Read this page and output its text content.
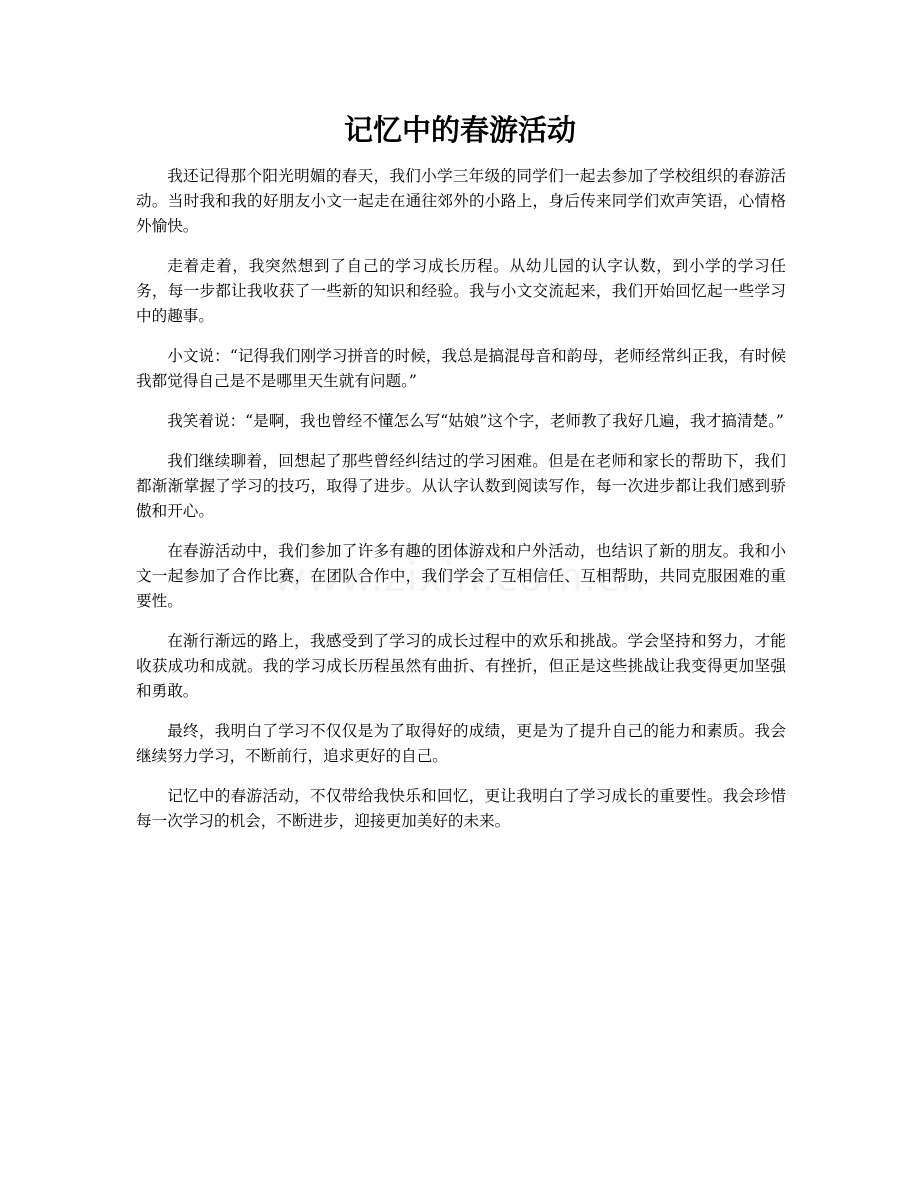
记忆中的春游活动

我还记得那个阳光明媚的春天，我们小学三年级的同学们一起去参加了学校组织的春游活动。当时我和我的好朋友小文一起走在通往郊外的小路上，身后传来同学们欢声笑语，心情格外愉快。

走着走着，我突然想到了自己的学习成长历程。从幼儿园的认字认数，到小学的学习任务，每一步都让我收获了一些新的知识和经验。我与小文交流起来，我们开始回忆起一些学习中的趣事。

小文说：“记得我们刚学习拼音的时候，我总是搞混母音和韵母，老师经常纠正我，有时候我都觉得自己是不是哪里天生就有问题。”

我笑着说：“是啊，我也曾经不懂怎么写“姑娘”这个字，老师教了我好几遍，我才搞清楚。”

我们继续聊着，回想起了那些曾经纠结过的学习困难。但是在老师和家长的帮助下，我们都渐渐掌握了学习的技巧，取得了进步。从认字认数到阅读写作，每一次进步都让我们感到骄傲和开心。

在春游活动中，我们参加了许多有趣的团体游戏和户外活动，也结识了新的朋友。我和小文一起参加了合作比赛，在团队合作中，我们学会了互相信任、互相帮助，共同克服困难的重要性。

在渐行渐远的路上，我感受到了学习的成长过程中的欢乐和挑战。学会坚持和努力，才能收获成功和成就。我的学习成长历程虽然有曲折、有挫折，但正是这些挑战让我变得更加坚强和勇敢。

最终，我明白了学习不仅仅是为了取得好的成绩，更是为了提升自己的能力和素质。我会继续努力学习，不断前行，追求更好的自己。

记忆中的春游活动，不仅带给我快乐和回忆，更让我明白了学习成长的重要性。我会珍惜每一次学习的机会，不断进步，迎接更加美好的未来。
